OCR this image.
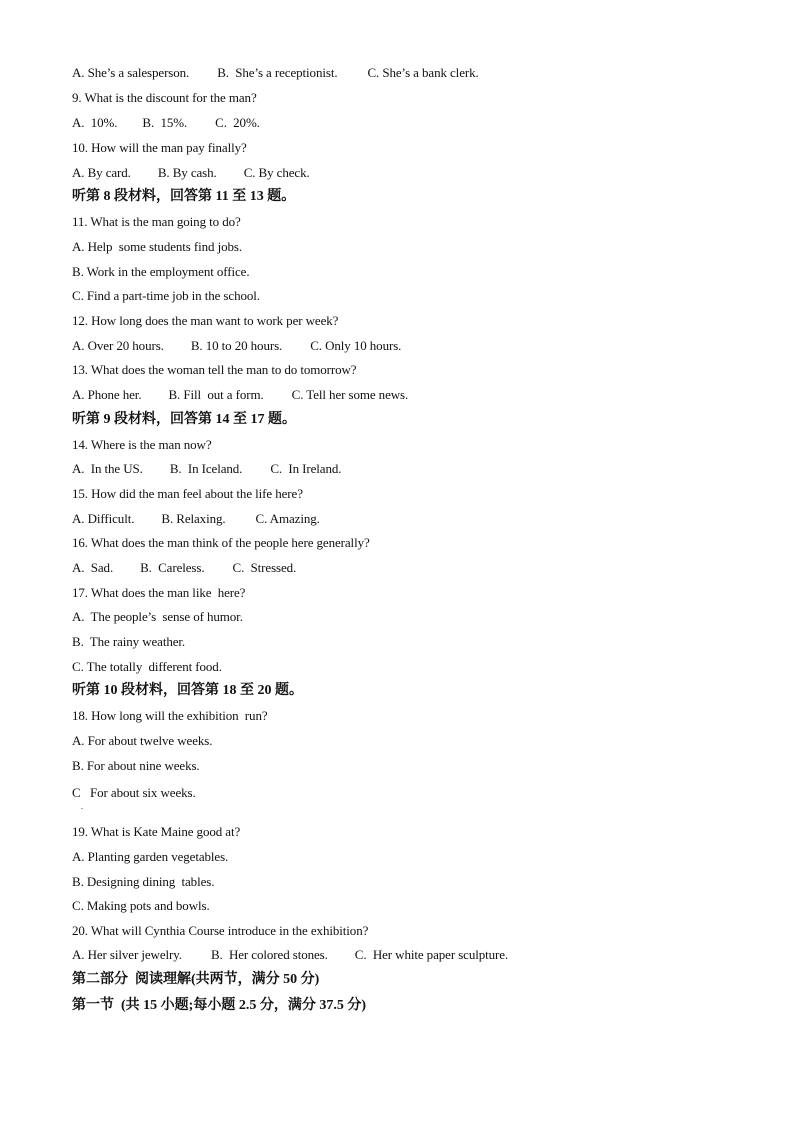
A. She’s a salesperson. B.  She’s a receptionist. C. She’s a bank clerk.
9. What is the discount for the man?
A.  10%. B.  15%. C.  20%.
10. How will the man pay finally?
A. By card. B. By cash. C. By check.
听第 8 段材料，回答第 11 至 13 题。
11. What is the man going to do?
A. Help  some students find jobs.
B. Work in the employment office.
C. Find a part-time job in the school.
12. How long does the man want to work per week?
A. Over 20 hours. B. 10 to 20 hours. C. Only 10 hours.
13. What does the woman tell the man to do tomorrow?
A. Phone her. B. Fill  out a form. C. Tell her some news.
听第 9 段材料，回答第 14 至 17 题。
14. Where is the man now?
A.  In the US. B.  In Iceland. C.  In Ireland.
15. How did the man feel about the life here?
A. Difficult. B. Relaxing. C. Amazing.
16. What does the man think of the people here generally?
A.  Sad. B.  Careless. C.  Stressed.
17. What does the man like  here?
A.  The people’s  sense of humor.
B.  The rainy weather.
C. The totally  different food.
听第 10 段材料，回答第 18 至 20 题。
18. How long will the exhibition  run?
A. For about twelve weeks.
B. For about nine weeks.
C   For about six weeks.
19. What is Kate Maine good at?
A. Planting garden vegetables.
B. Designing dining  tables.
C. Making pots and bowls.
20. What will Cynthia Course introduce in the exhibition?
A. Her silver jewelry. B.  Her colored stones. C.  Her white paper sculpture.
第二部分  阅读理解(共两节，满分 50 分)
第一节  (共 15 小题;每小题 2.5 分，满分 37.5 分)
.
